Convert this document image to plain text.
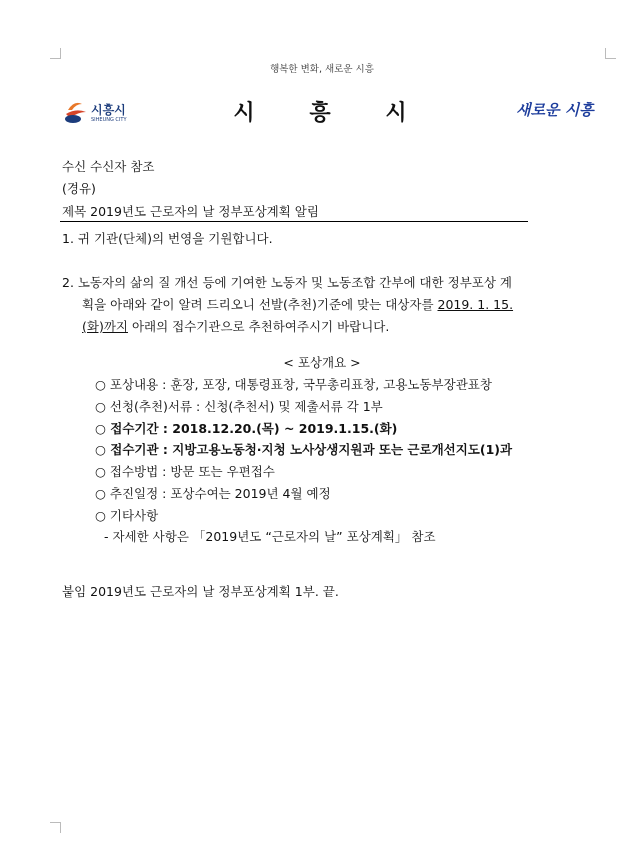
행복한 변화, 새로운 시흥
시흥시
SIHEUNG CITY	시 흥 시	새로운 시흥
수신 수신자 참조
(경유)
제목 2019년도 근로자의 날 정부포상계획 알림
1. 귀 기관(단체)의 번영을 기원합니다.
2. 노동자의 삶의 질 개선 등에 기여한 노동자 및 노동조합 간부에 대한 정부포상 계
획을 아래와 같이 알려 드리오니 선발(추천)기준에 맞는 대상자를 2019. 1. 15.
(화)까지 아래의 접수기관으로 추천하여주시기 바랍니다.
< 포상개요 >
○ 포상내용 : 훈장, 포장, 대통령표창, 국무총리표창, 고용노동부장관표창
○ 선청(추천)서류 : 신청(추천서) 및 제출서류 각 1부
○ 접수기간 : 2018.12.20.(목) ~ 2019.1.15.(화)
○ 접수기관 : 지방고용노동청·지청 노사상생지원과 또는 근로개선지도(1)과
○ 접수방법 : 방문 또는 우편접수
○ 추진일정 : 포상수여는 2019년 4월 예정
○ 기타사항
- 자세한 사항은 「2019년도 “근로자의 날” 포상계획」 참조
붙임 2019년도 근로자의 날 정부포상계획 1부. 끝.
